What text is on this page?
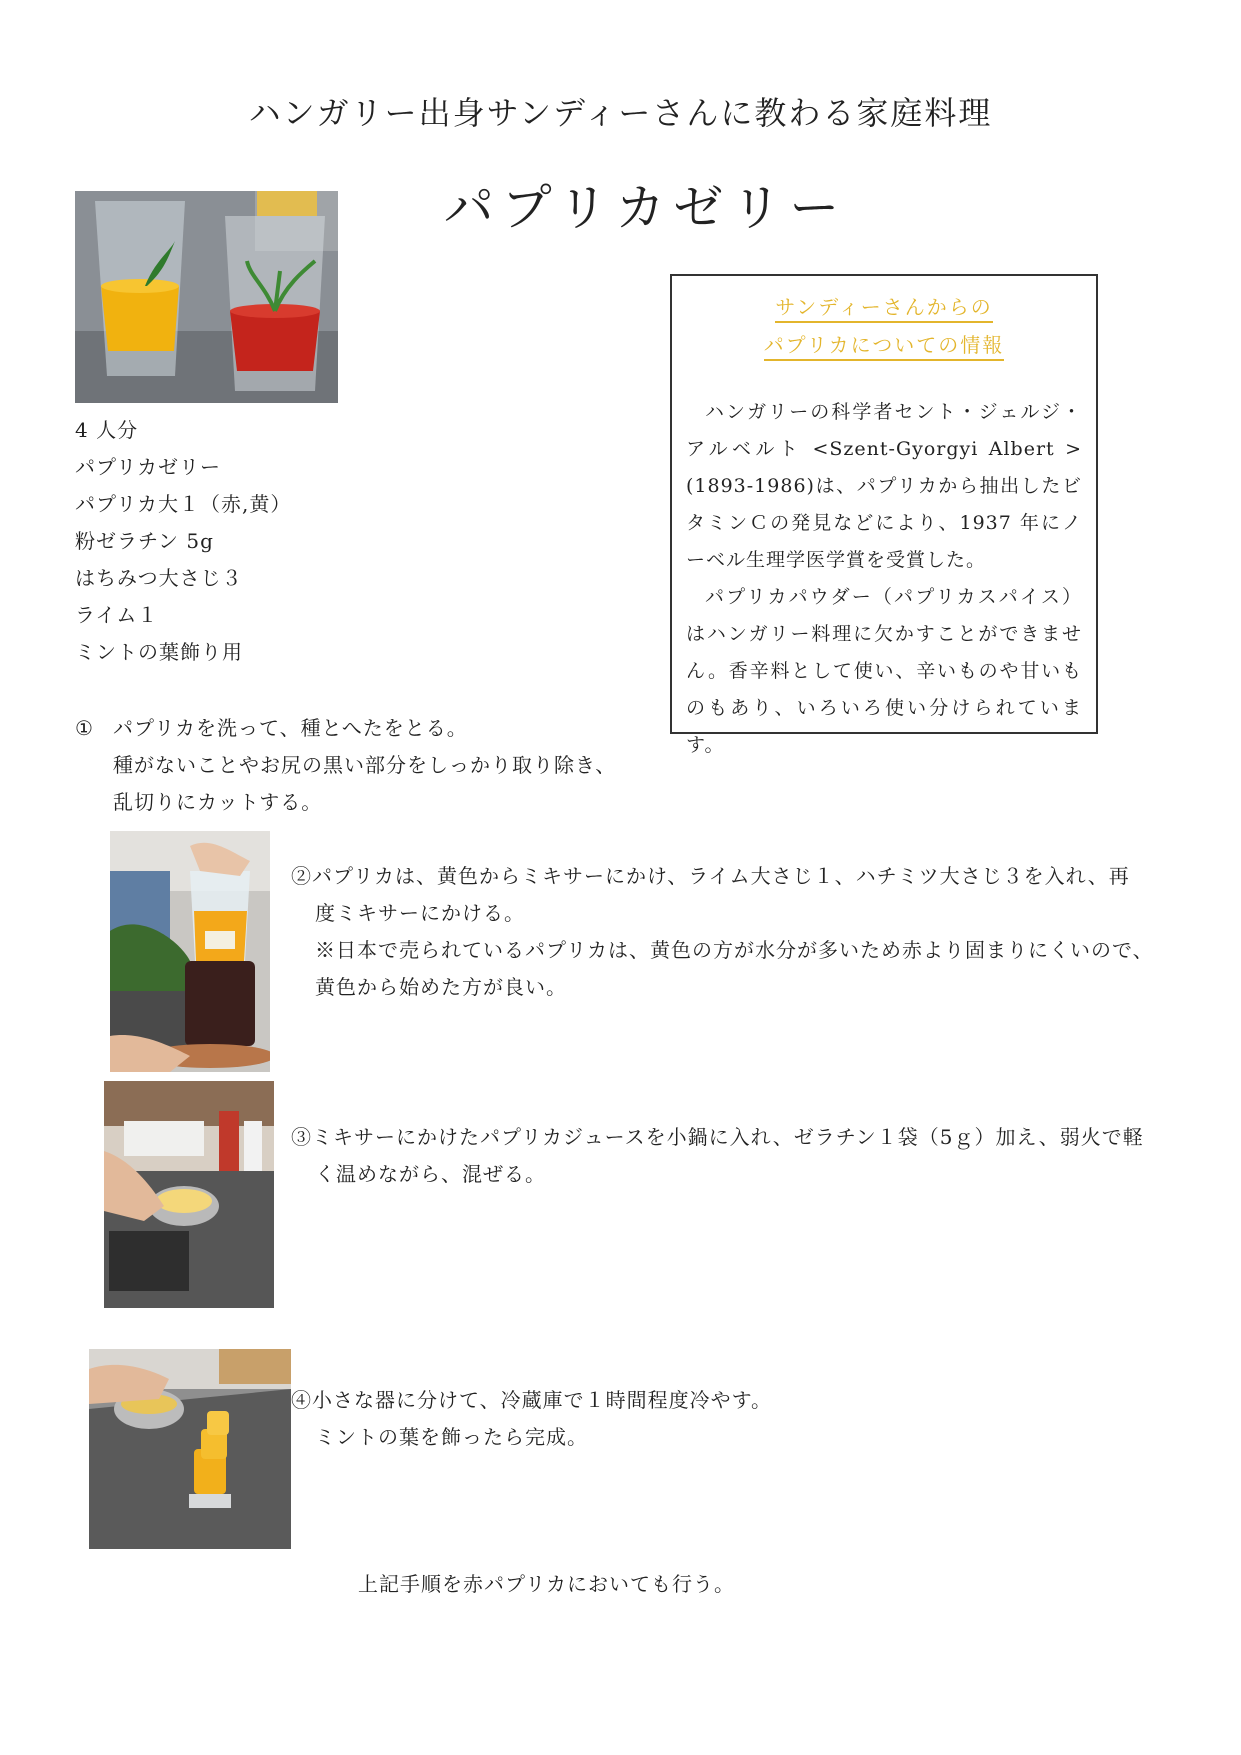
ハンガリー出身サンディーさんに教わる家庭料理
パプリカゼリー
4 人分
パプリカゼリー
パプリカ大１（赤,黄）
粉ゼラチン 5g
はちみつ大さじ３
ライム１
ミントの葉飾り用
サンディーさんからの
パプリカについての情報

ハンガリーの科学者セント・ジェルジ・アルベルト <Szent-Gyorgyi Albert >(1893-1986)は、パプリカから抽出したビタミンＣの発見などにより、1937 年にノーベル生理学医学賞を受賞した。

パプリカパウダー（パプリカスパイス）はハンガリー料理に欠かすことができません。香辛料として使い、辛いものや甘いものもあり、いろいろ使い分けられています。

① パプリカを洗って、種とへたをとる。
種がないことやお尻の黒い部分をしっかり取り除き、
乱切りにカットする。
②パプリカは、黄色からミキサーにかけ、ライム大さじ１、ハチミツ大さじ３を入れ、再
度ミキサーにかける。
※日本で売られているパプリカは、黄色の方が水分が多いため赤より固まりにくいので、
黄色から始めた方が良い。
③ミキサーにかけたパプリカジュースを小鍋に入れ、ゼラチン１袋（5ｇ）加え、弱火で軽
く温めながら、混ぜる。
④小さな器に分けて、冷蔵庫で１時間程度冷やす。
ミントの葉を飾ったら完成。
上記手順を赤パプリカにおいても行う。
